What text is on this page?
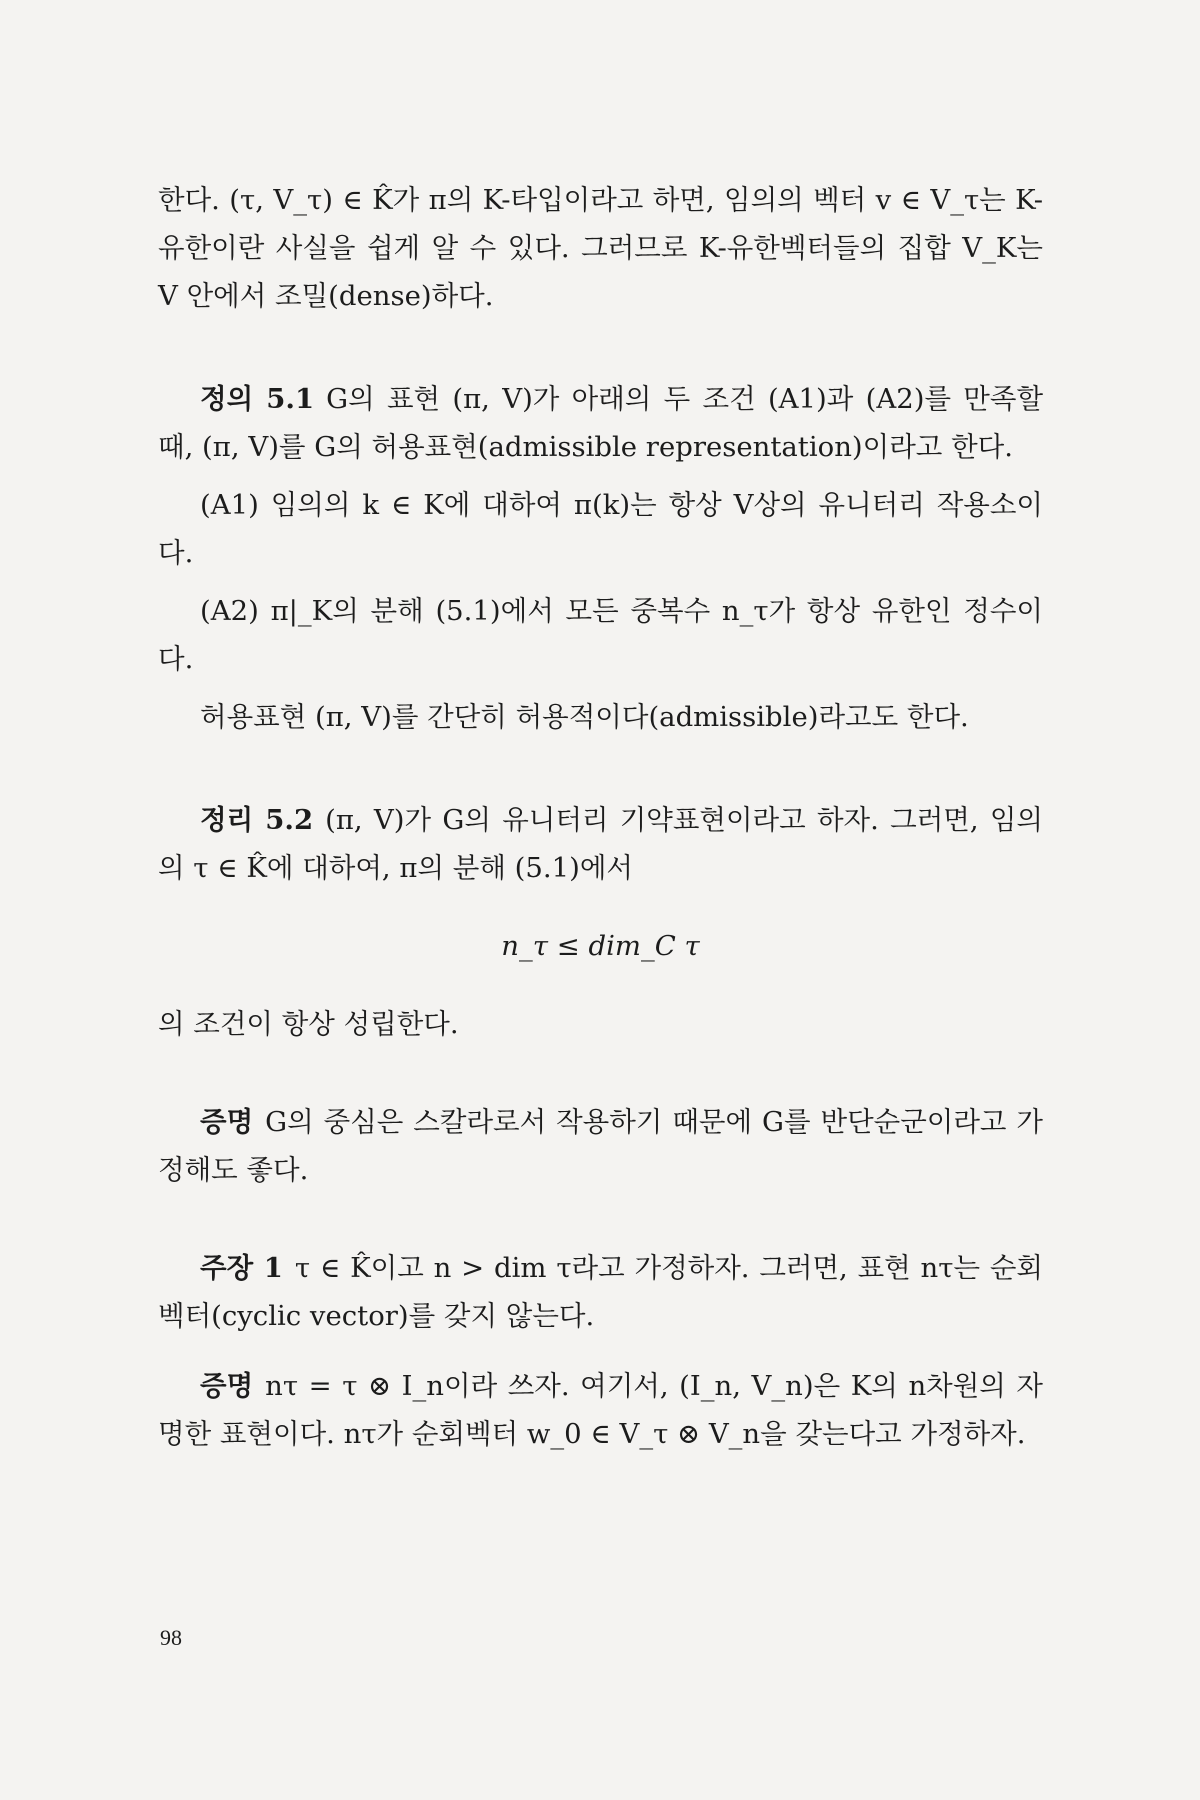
한다. (τ, V_τ) ∈ K̂가 π의 K-타입이라고 하면, 임의의 벡터 v ∈ V_τ는 K-유한이란 사실을 쉽게 알 수 있다. 그러므로 K-유한벡터들의 집합 V_K는 V 안에서 조밀(dense)하다.

정의 5.1 G의 표현 (π, V)가 아래의 두 조건 (A1)과 (A2)를 만족할 때, (π, V)를 G의 허용표현(admissible representation)이라고 한다.

(A1) 임의의 k ∈ K에 대하여 π(k)는 항상 V상의 유니터리 작용소이다.

(A2) π|_K의 분해 (5.1)에서 모든 중복수 n_τ가 항상 유한인 정수이다.

허용표현 (π, V)를 간단히 허용적이다(admissible)라고도 한다.

정리 5.2 (π, V)가 G의 유니터리 기약표현이라고 하자. 그러면, 임의의 τ ∈ K̂에 대하여, π의 분해 (5.1)에서

n_τ ≤ dim_C τ

의 조건이 항상 성립한다.

증명 G의 중심은 스칼라로서 작용하기 때문에 G를 반단순군이라고 가정해도 좋다.

주장 1 τ ∈ K̂이고 n > dim τ라고 가정하자. 그러면, 표현 nτ는 순회벡터(cyclic vector)를 갖지 않는다.

증명 nτ = τ ⊗ I_n이라 쓰자. 여기서, (I_n, V_n)은 K의 n차원의 자명한 표현이다. nτ가 순회벡터 w_0 ∈ V_τ ⊗ V_n을 갖는다고 가정하자.

98
